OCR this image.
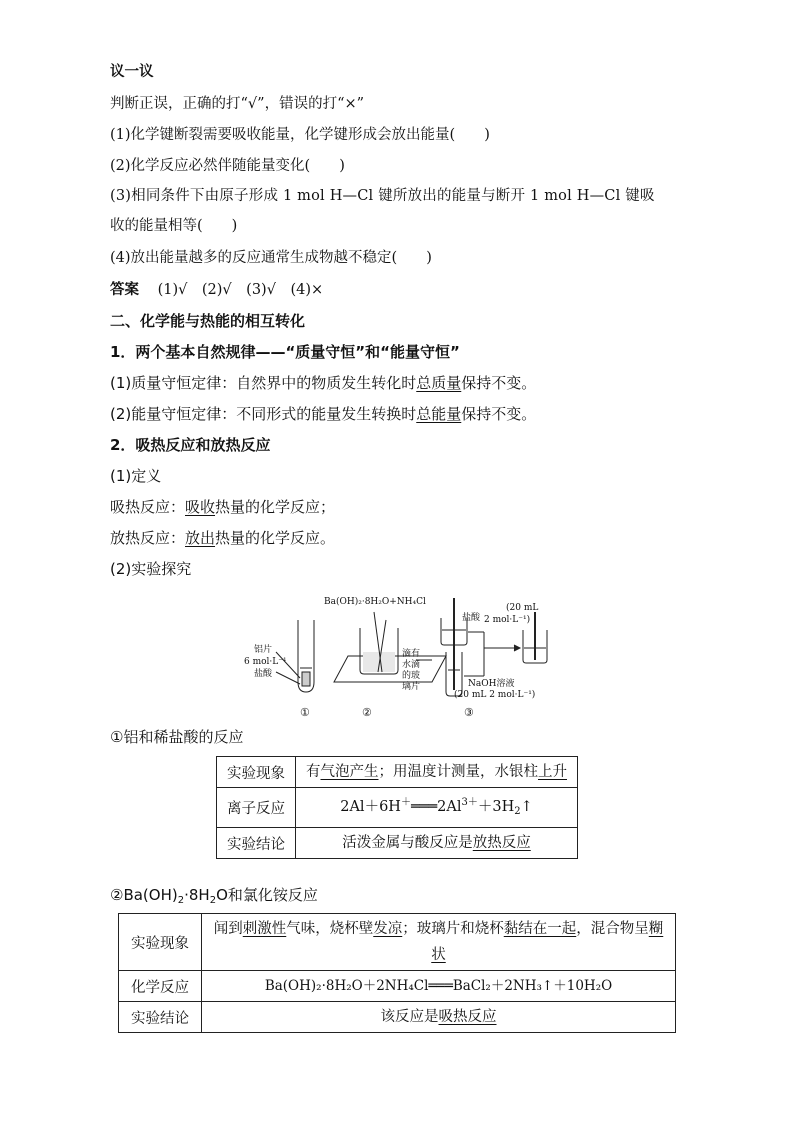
议一议
判断正误，正确的打“√”，错误的打“×”
(1)化学键断裂需要吸收能量，化学键形成会放出能量(　　)
(2)化学反应必然伴随能量变化(　　)
(3)相同条件下由原子形成 1 mol H—Cl 键所放出的能量与断开 1 mol H—Cl 键吸
收的能量相等(　　)
(4)放出能量越多的反应通常生成物越不稳定(　　)
答案 (1)√　(2)√　(3)√　(4)×
二、化学能与热能的相互转化
1．两个基本自然规律——“质量守恒”和“能量守恒”
(1)质量守恒定律：自然界中的物质发生转化时总质量保持不变。
(2)能量守恒定律：不同形式的能量发生转换时总能量保持不变。
2．吸热反应和放热反应
(1)定义
吸热反应：吸收热量的化学反应；
放热反应：放出热量的化学反应。
(2)实验探究
Ba(OH)₂·8H₂O+NH₄Cl
铝片
6 mol·L⁻¹
盐酸
滴有
水滴
的玻
璃片
盐酸
(20 mL
2 mol·L⁻¹)
NaOH溶液
(20 mL 2 mol·L⁻¹)
①	②	③
①铝和稀盐酸的反应
实验现象	有气泡产生；用温度计测量，水银柱上升
离子反应	$2Al+6H^+═══2Al^{3+}+3H_2↑$
实验结论	活泼金属与酸反应是放热反应
$②Ba(OH)_2\cdot 8H_2O$和氯化铵反应
实验现象	闻到刺激性气味，烧杯壁发凉；玻璃片和烧杯黏结在一起，混合物呈糊状
化学反应	Ba(OH)₂·8H₂O＋2NH₄Cl═══BaCl₂＋2NH₃↑＋10H₂O
实验结论	该反应是吸热反应
